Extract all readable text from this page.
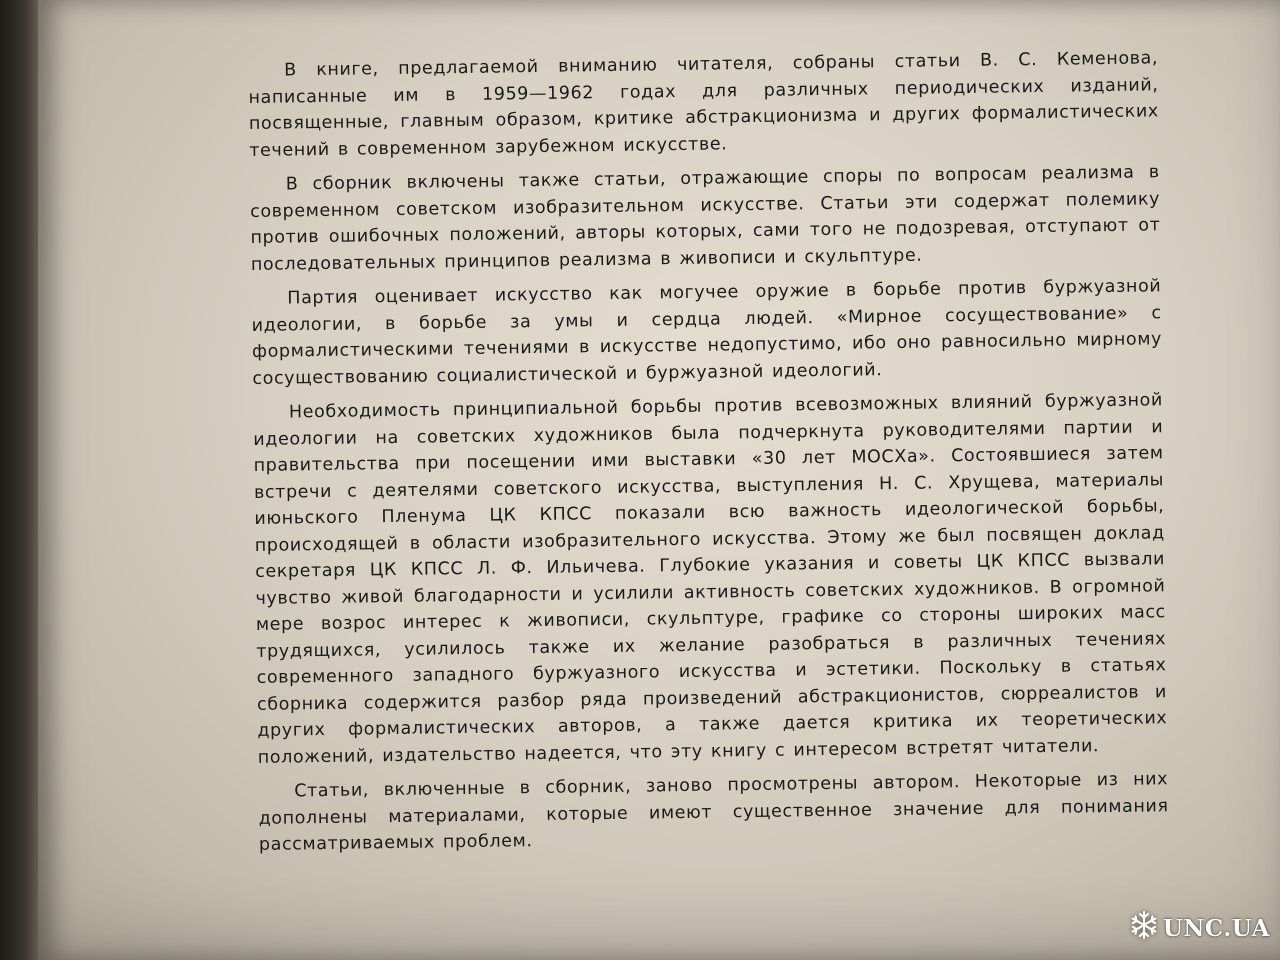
В книге, предлагаемой вниманию читателя, собраны статьи В. С. Кеменова, написанные им в 1959—1962 годах для различных периодических изданий, посвященные, главным образом, критике абстракционизма и других формалистических течений в современном зарубежном искусстве.

В сборник включены также статьи, отражающие споры по вопросам реализма в современном советском изобразительном искусстве. Статьи эти содержат полемику против ошибочных положений, авторы которых, сами того не подозревая, отступают от последовательных принципов реализма в живописи и скульптуре.

Партия оценивает искусство как могучее оружие в борьбе против буржуазной идеологии, в борьбе за умы и сердца людей. «Мирное сосуществование» с формалистическими течениями в искусстве недопустимо, ибо оно равносильно мирному сосуществованию социалистической и буржуазной идеологий.

Необходимость принципиальной борьбы против всевозможных влияний буржуазной идеологии на советских художников была подчеркнута руководителями партии и правительства при посещении ими выставки «30 лет МОСХа». Состоявшиеся затем встречи с деятелями советского искусства, выступления Н. С. Хрущева, материалы июньского Пленума ЦК КПСС показали всю важность идеологической борьбы, происходящей в области изобразительного искусства. Этому же был посвящен доклад секретаря ЦК КПСС Л. Ф. Ильичева. Глубокие указания и советы ЦК КПСС вызвали чувство живой благодарности и усилили активность советских художников. В огромной мере возрос интерес к живописи, скульптуре, графике со стороны широких масс трудящихся, усилилось также их желание разобраться в различных течениях современного западного буржуазного искусства и эстетики. Поскольку в статьях сборника содержится разбор ряда произведений абстракционистов, сюрреалистов и других формалистических авторов, а также дается критика их теоретических положений, издательство надеется, что эту книгу с интересом встретят читатели.

Статьи, включенные в сборник, заново просмотрены автором. Некоторые из них дополнены материалами, которые имеют существенное значение для понимания рассматриваемых проблем.

UNC.UA
